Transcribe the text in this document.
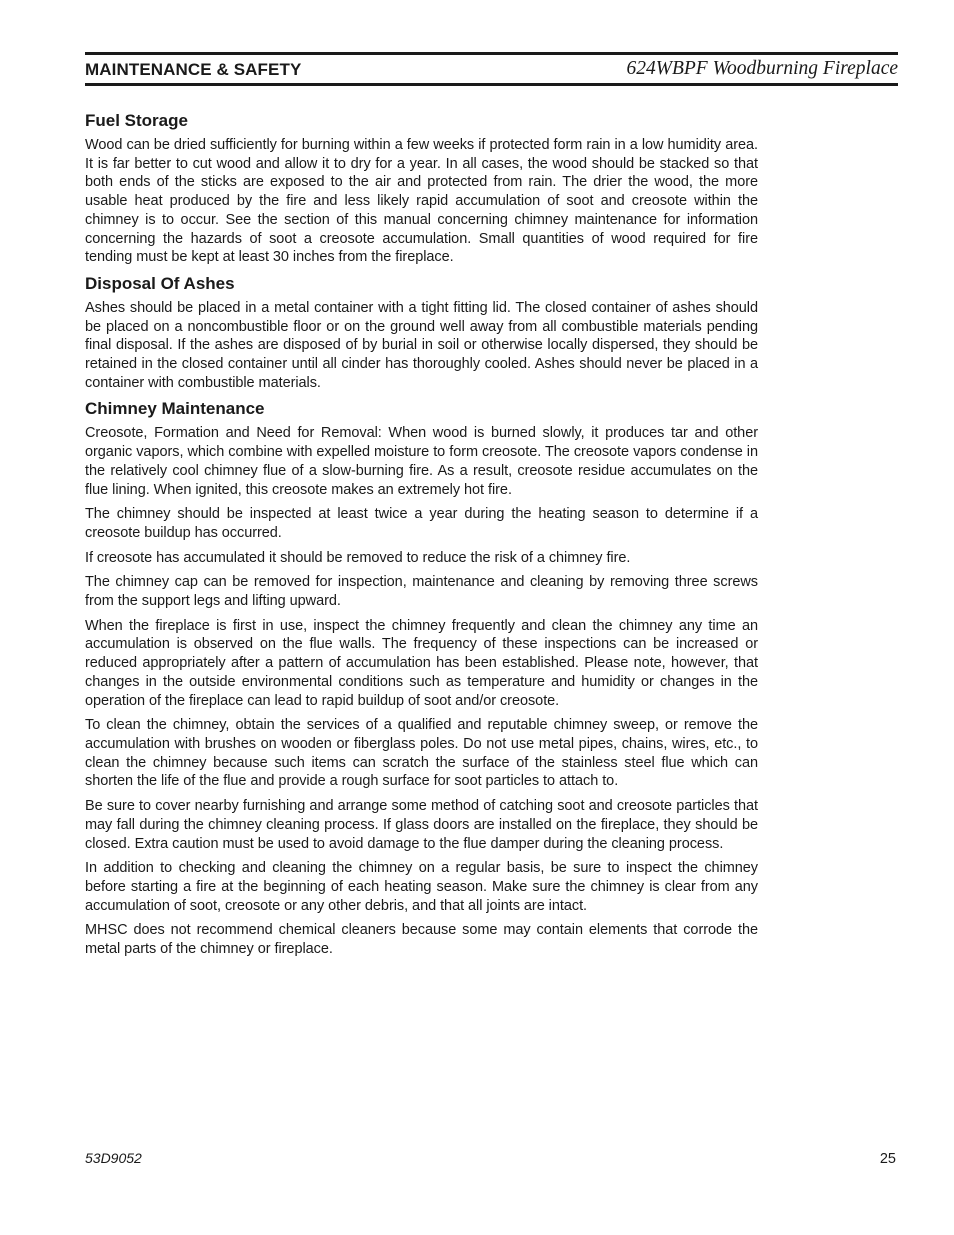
MAINTENANCE & SAFETY	624WBPF Woodburning Fireplace
Fuel Storage

Wood can be dried sufficiently for burning within a few weeks if protected form rain in a low humidity area. It is far better to cut wood and allow it to dry for a year. In all cases, the wood should be stacked so that both ends of the sticks are exposed to the air and protected from rain. The drier the wood, the more usable heat produced by the fire and less likely rapid accumulation of soot and creosote within the chimney is to occur. See the section of this manual concerning chimney maintenance for information concerning the hazards of soot a creosote accumulation. Small quantities of wood required for fire tending must be kept at least 30 inches from the fireplace.

Disposal Of Ashes

Ashes should be placed in a metal container with a tight fitting lid. The closed container of ashes should be placed on a noncombustible floor or on the ground well away from all combustible materials pending final disposal. If the ashes are disposed of by burial in soil or otherwise locally dispersed, they should be retained in the closed container until all cinder has thoroughly cooled. Ashes should never be placed in a container with combustible materials.

Chimney Maintenance

Creosote, Formation and Need for Removal: When wood is burned slowly, it produces tar and other organic vapors, which combine with expelled moisture to form creosote. The creosote vapors condense in the relatively cool chimney flue of a slow-burning fire. As a result, creosote residue accumulates on the flue lining. When ignited, this creosote makes an extremely hot fire.

The chimney should be inspected at least twice a year during the heating season to determine if a creosote buildup has occurred.

If creosote has accumulated it should be removed to reduce the risk of a chimney fire.

The chimney cap can be removed for inspection, maintenance and cleaning by removing three screws from the support legs and lifting upward.

When the fireplace is first in use, inspect the chimney frequently and clean the chimney any time an accumulation is observed on the flue walls. The frequency of these inspections can be increased or reduced appropriately after a pattern of accumulation has been established. Please note, however, that changes in the outside environmental conditions such as temperature and humidity or changes in the operation of the fireplace can lead to rapid buildup of soot and/or creosote.

To clean the chimney, obtain the services of a qualified and reputable chimney sweep, or remove the accumulation with brushes on wooden or fiberglass poles. Do not use metal pipes, chains, wires, etc., to clean the chimney because such items can scratch the surface of the stainless steel flue which can shorten the life of the flue and provide a rough surface for soot particles to attach to.

Be sure to cover nearby furnishing and arrange some method of catching soot and creosote particles that may fall during the chimney cleaning process. If glass doors are installed on the fireplace, they should be closed. Extra caution must be used to avoid damage to the flue damper during the cleaning process.

In addition to checking and cleaning the chimney on a regular basis, be sure to inspect the chimney before starting a fire at the beginning of each heating season. Make sure the chimney is clear from any accumulation of soot, creosote or any other debris, and that all joints are intact.

MHSC does not recommend chemical cleaners because some may contain elements that corrode the metal parts of the chimney or fireplace.

53D9052	25
